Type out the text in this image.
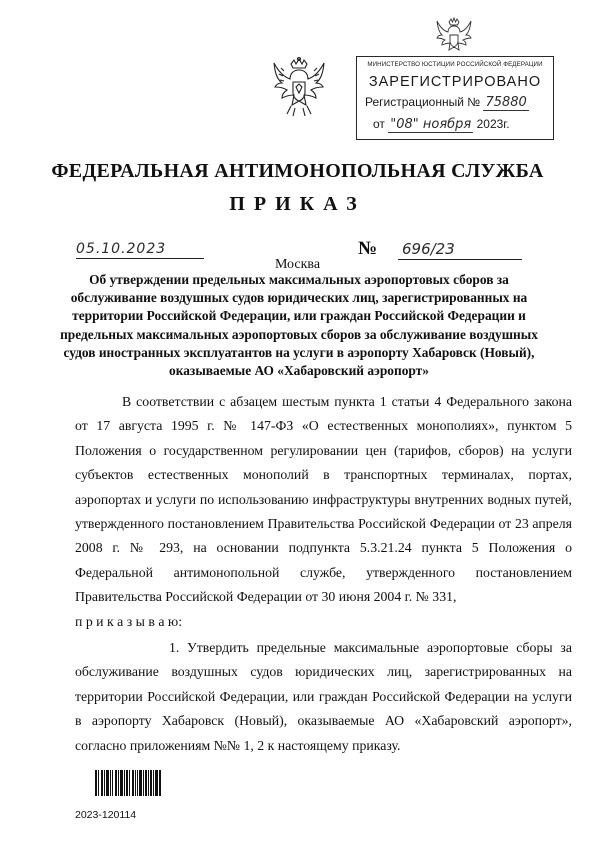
МИНИСТЕРСТВО ЮСТИЦИИ РОССИЙСКОЙ ФЕДЕРАЦИИ
ЗАРЕГИСТРИРОВАНО
Регистрационный № 75880
от "08" ноября 2023г.
ФЕДЕРАЛЬНАЯ АНТИМОНОПОЛЬНАЯ СЛУЖБА
ПРИКАЗ
05.10.2023	№ 696/23
Москва
Об утверждении предельных максимальных аэропортовых сборов за обслуживание воздушных судов юридических лиц, зарегистрированных на территории Российской Федерации, или граждан Российской Федерации и предельных максимальных аэропортовых сборов за обслуживание воздушных судов иностранных эксплуатантов на услуги в аэропорту Хабаровск (Новый), оказываемые АО «Хабаровский аэропорт»

В соответствии с абзацем шестым пункта 1 статьи 4 Федерального закона от 17 августа 1995 г. № 147-ФЗ «О естественных монополиях», пунктом 5 Положения о государственном регулировании цен (тарифов, сборов) на услуги субъектов естественных монополий в транспортных терминалах, портах, аэропортах и услуги по использованию инфраструктуры внутренних водных путей, утвержденного постановлением Правительства Российской Федерации от 23 апреля 2008 г. № 293, на основании подпункта 5.3.21.24 пункта 5 Положения о Федеральной антимонопольной службе, утвержденного постановлением Правительства Российской Федерации от 30 июня 2004 г. № 331,

п р и к а з ы в а ю:

1. Утвердить предельные максимальные аэропортовые сборы за обслуживание воздушных судов юридических лиц, зарегистрированных на территории Российской Федерации, или граждан Российской Федерации на услуги в аэропорту Хабаровск (Новый), оказываемые АО «Хабаровский аэропорт», согласно приложениям №№ 1, 2 к настоящему приказу.

2023-120114
